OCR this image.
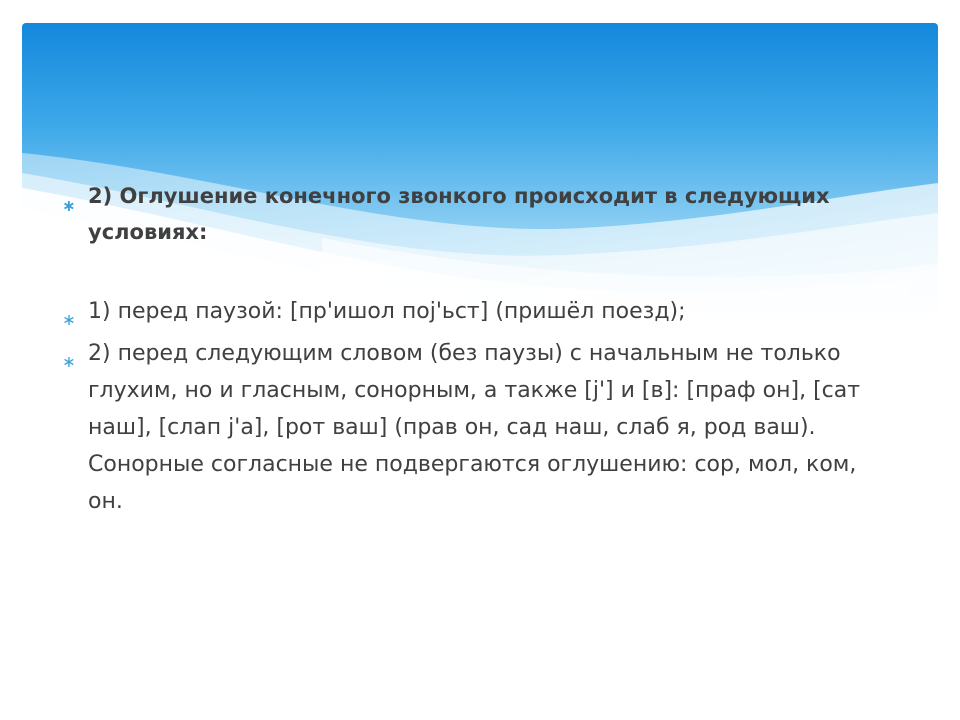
∗ 2) Оглушение конечного звонкого происходит в следующих условиях:
∗ 1) перед паузой: [пр'ишол поj'ьст] (пришёл поезд);
∗ 2) перед следующим словом (без паузы) с начальным не только глухим, но и гласным, сонорным, а также [j'] и [в]: [праф он], [сат наш], [слап j'а], [рот ваш] (прав он, сад наш, слаб я, род ваш). Сонорные согласные не подвергаются оглушению: сор, мол, ком, он.
